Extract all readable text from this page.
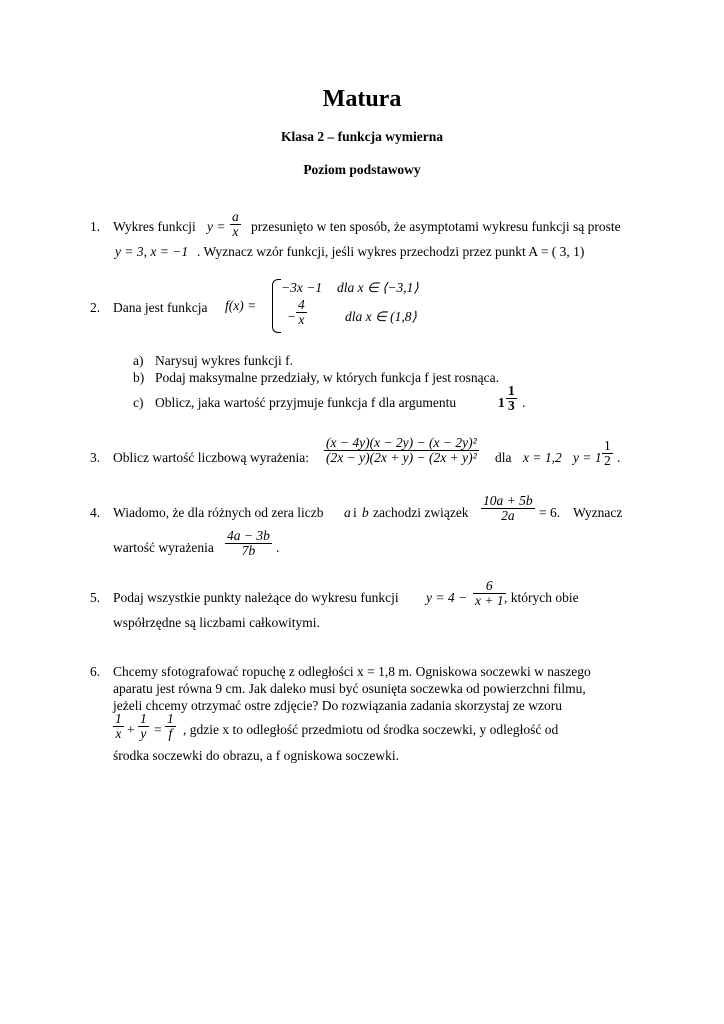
Matura
Klasa 2 – funkcja wymierna
Poziom podstawowy
1. Wykres funkcji $y = \frac{a}{x}$ przesunięto w ten sposób, że asymptotami wykresu funkcji są proste
y = 3, x = −1 . Wyznacz wzór funkcji, jeśli wykres przechodzi przez punkt A = ( 3, 1)
2. Dana jest funkcja f(x) =
−3x −1 dla x ∈ ⟨−3,1⟩
− $\frac{4}{x}$	dla x ∈ (1,8⟩
a) Narysuj wykres funkcji f.
b) Podaj maksymalne przedziały, w których funkcja f jest rosnąca.
c) Oblicz, jaka wartość przyjmuje funkcja f dla argumentu	$1 \frac{1}{3}$ .
3. Oblicz wartość liczbową wyrażenia: $\frac{\text{(x − 4y)(x − 2y) − (x − 2y)²}}{\text{(2x − y)(2x + y) − (2x + y)²}}$ dla x = 1,2 $y = 1 \frac{1}{2}$ .
4. Wiadomo, że dla różnych od zera liczb a i b zachodzi związek $\frac{10a + 5b}{2a} = 6$. Wyznacz
wartość wyrażenia $\frac{4a - 3b}{7b}$ .
5. Podaj wszystkie punkty należące do wykresu funkcji $y = 4 - \frac{6}{x + 1}$
, których obie
współrzędne są liczbami całkowitymi.
6. Chcemy sfotografować ropuchę z odległości x = 1,8 m. Ogniskowa soczewki w naszego
aparatu jest równa 9 cm. Jak daleko musi być osunięta soczewka od powierzchni filmu,
jeżeli chcemy otrzymać ostre zdjęcie? Do rozwiązania zadania skorzystaj ze wzoru
$\frac{1}{x} + \frac{1}{y} = \frac{1}{f}$ , gdzie x to odległość przedmiotu od środka soczewki, y odległość od
środka soczewki do obrazu, a f ogniskowa soczewki.
